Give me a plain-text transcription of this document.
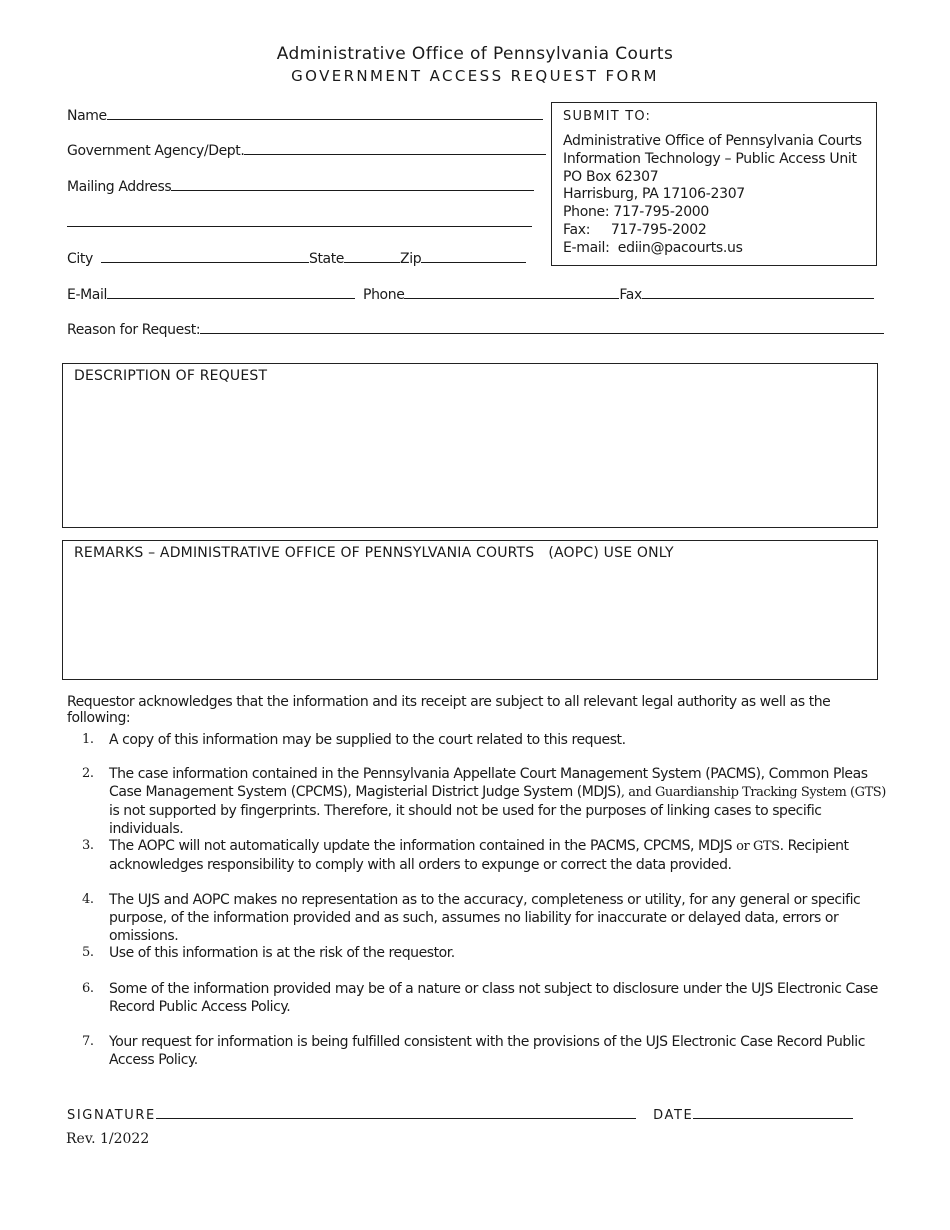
Administrative Office of Pennsylvania Courts
GOVERNMENT ACCESS REQUEST FORM
Name
Government Agency/Dept.
Mailing Address
City	State	Zip
E-Mail	Phone	Fax
Reason for Request:
SUBMIT TO:
Administrative Office of Pennsylvania Courts
Information Technology – Public Access Unit
PO Box 62307
Harrisburg, PA 17106-2307
Phone: 717-795-2000
Fax:     717-795-2002
E-mail:  ediin@pacourts.us
DESCRIPTION OF REQUEST
REMARKS – ADMINISTRATIVE OFFICE OF PENNSYLVANIA COURTS   (AOPC) USE ONLY
Requestor acknowledges that the information and its receipt are subject to all relevant legal authority as well as the following:
1.	A copy of this information may be supplied to the court related to this request.
2.	The case information contained in the Pennsylvania Appellate Court Management System (PACMS), Common Pleas Case Management System (CPCMS), Magisterial District Judge System (MDJS), and Guardianship Tracking System (GTS) is not supported by fingerprints. Therefore, it should not be used for the purposes of linking cases to specific individuals.
3.	The AOPC will not automatically update the information contained in the PACMS, CPCMS, MDJS or GTS. Recipient acknowledges responsibility to comply with all orders to expunge or correct the data provided.
4.	The UJS and AOPC makes no representation as to the accuracy, completeness or utility, for any general or specific purpose, of the information provided and as such, assumes no liability for inaccurate or delayed data, errors or omissions.
5.	Use of this information is at the risk of the requestor.
6.	Some of the information provided may be of a nature or class not subject to disclosure under the UJS Electronic Case Record Public Access Policy.
7.	Your request for information is being fulfilled consistent with the provisions of the UJS Electronic Case Record Public Access Policy.
SIGNATURE	DATE
Rev. 1/2022
